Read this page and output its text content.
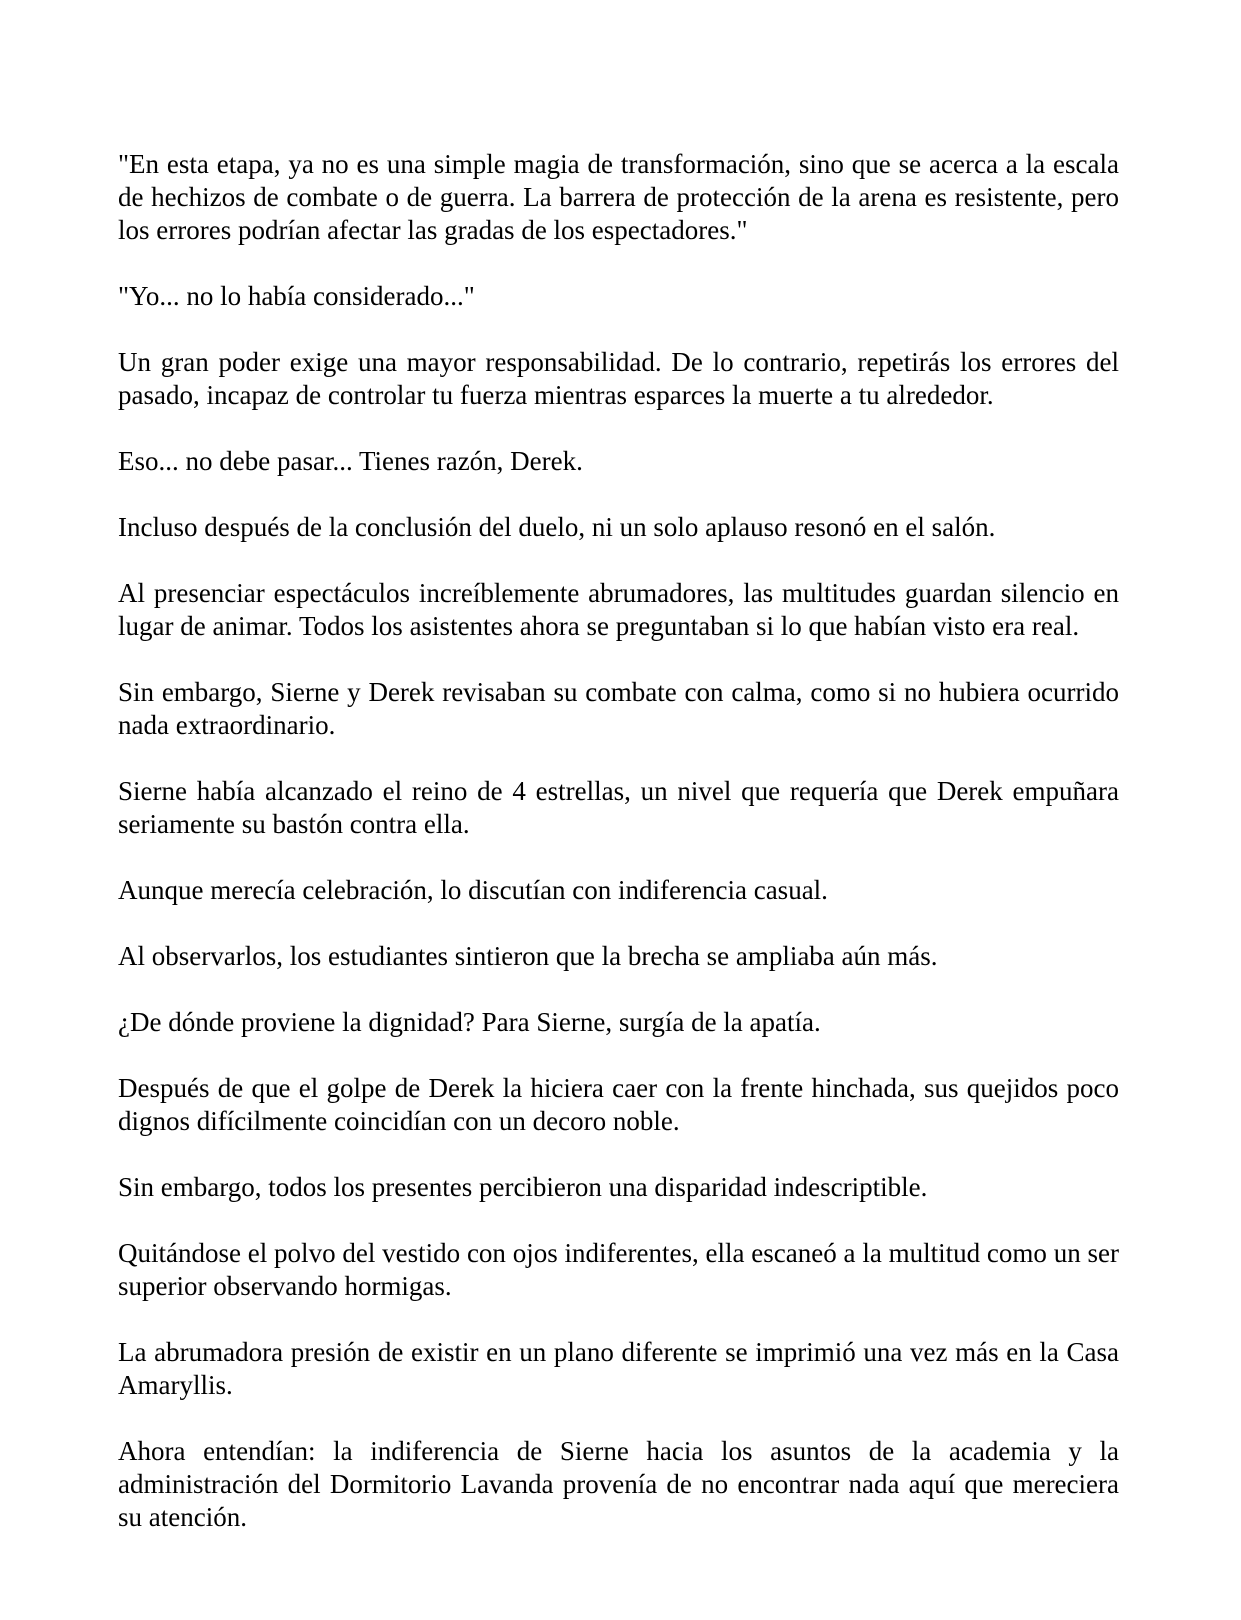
"En esta etapa, ya no es una simple magia de transformación, sino que se acerca a la escala de hechizos de combate o de guerra. La barrera de protección de la arena es resistente, pero los errores podrían afectar las gradas de los espectadores."

"Yo... no lo había considerado..."

Un gran poder exige una mayor responsabilidad. De lo contrario, repetirás los errores del pasado, incapaz de controlar tu fuerza mientras esparces la muerte a tu alrededor.

Eso... no debe pasar... Tienes razón, Derek.

Incluso después de la conclusión del duelo, ni un solo aplauso resonó en el salón.

Al presenciar espectáculos increíblemente abrumadores, las multitudes guardan silencio en lugar de animar. Todos los asistentes ahora se preguntaban si lo que habían visto era real.

Sin embargo, Sierne y Derek revisaban su combate con calma, como si no hubiera ocurrido nada extraordinario.

Sierne había alcanzado el reino de 4 estrellas, un nivel que requería que Derek empuñara seriamente su bastón contra ella.

Aunque merecía celebración, lo discutían con indiferencia casual.

Al observarlos, los estudiantes sintieron que la brecha se ampliaba aún más.

¿De dónde proviene la dignidad? Para Sierne, surgía de la apatía.

Después de que el golpe de Derek la hiciera caer con la frente hinchada, sus quejidos poco dignos difícilmente coincidían con un decoro noble.

Sin embargo, todos los presentes percibieron una disparidad indescriptible.

Quitándose el polvo del vestido con ojos indiferentes, ella escaneó a la multitud como un ser superior observando hormigas.

La abrumadora presión de existir en un plano diferente se imprimió una vez más en la Casa Amaryllis.

Ahora entendían: la indiferencia de Sierne hacia los asuntos de la academia y la administración del Dormitorio Lavanda provenía de no encontrar nada aquí que mereciera su atención.
